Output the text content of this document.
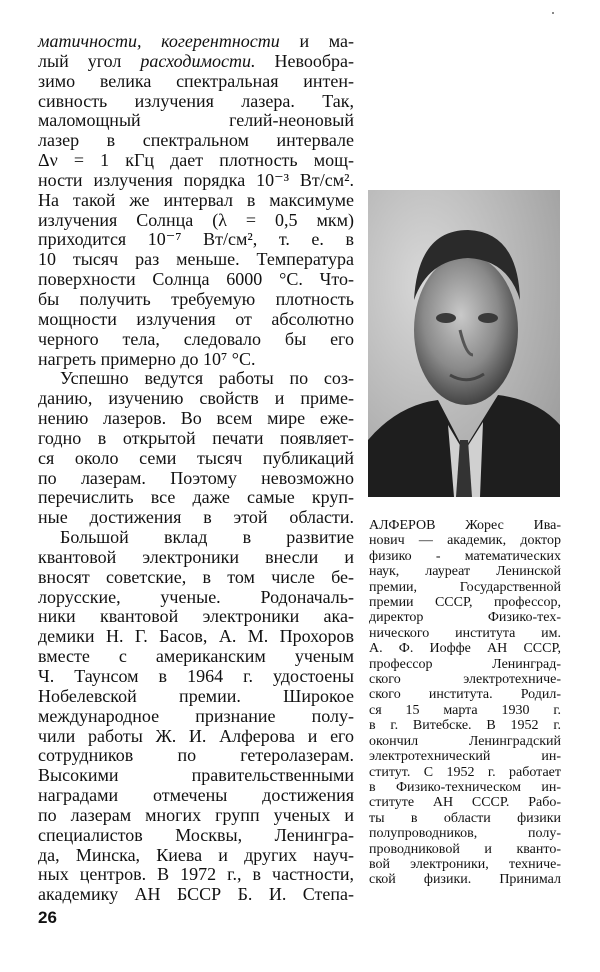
матичности, когерентности и ма-
лый угол расходимости. Невообра-
зимо велика спектральная интен-
сивность излучения лазера. Так,
маломощный гелий-неоновый
лазер в спектральном интервале
Δν = 1 кГц дает плотность мощ-
ности излучения порядка 10⁻³ Вт/см².
На такой же интервал в максимуме
излучения Солнца (λ = 0,5 мкм)
приходится 10⁻⁷ Вт/см², т. е. в
10 тысяч раз меньше. Температура
поверхности Солнца 6000 °С. Что-
бы получить требуемую плотность
мощности излучения от абсолютно
черного тела, следовало бы его
нагреть примерно до 10⁷ °С.
Успешно ведутся работы по соз-
данию, изучению свойств и приме-
нению лазеров. Во всем мире еже-
годно в открытой печати появляет-
ся около семи тысяч публикаций
по лазерам. Поэтому невозможно
перечислить все даже самые круп-
ные достижения в этой области.
Большой вклад в развитие
квантовой электроники внесли и
вносят советские, в том числе бе-
лорусские, ученые. Родоначаль-
ники квантовой электроники ака-
демики Н. Г. Басов, А. М. Прохоров
вместе с американским ученым
Ч. Таунсом в 1964 г. удостоены
Нобелевской премии. Широкое
международное признание полу-
чили работы Ж. И. Алферова и его
сотрудников по гетеролазерам.
Высокими правительственными
наградами отмечены достижения
по лазерам многих групп ученых и
специалистов Москвы, Ленингра-
да, Минска, Киева и других науч-
ных центров. В 1972 г., в частности,
академику АН БССР Б. И. Степа-
АЛФЕРОВ Жорес Ива-
нович — академик, доктор
физико - математических
наук, лауреат Ленинской
премии, Государственной
премии СССР, профессор,
директор Физико-тех-
нического института им.
А. Ф. Иоффе АН СССР,
профессор Ленинград-
ского электротехниче-
ского института. Родил-
ся 15 марта 1930 г.
в г. Витебске. В 1952 г.
окончил Ленинградский
электротехнический ин-
ститут. С 1952 г. работает
в Физико-техническом ин-
ституте АН СССР. Рабо-
ты в области физики
полупроводников, полу-
проводниковой и кванто-
вой электроники, техниче-
ской физики. Принимал
26
